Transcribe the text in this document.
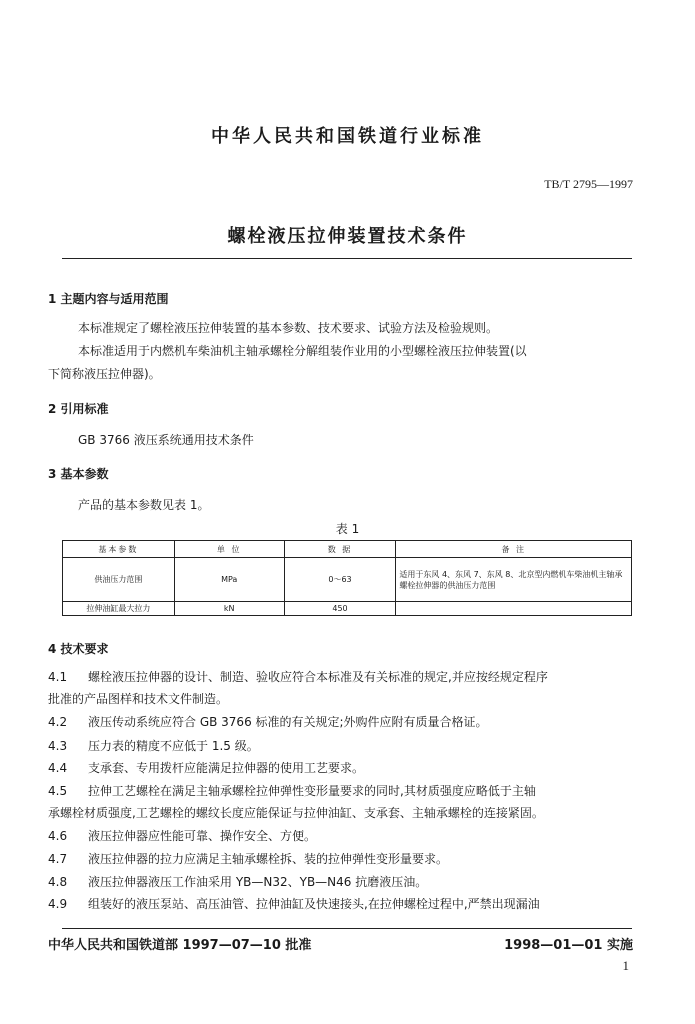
中华人民共和国铁道行业标准
TB/T 2795—1997
螺栓液压拉伸装置技术条件
1 主题内容与适用范围
本标准规定了螺栓液压拉伸装置的基本参数、技术要求、试验方法及检验规则。
本标准适用于内燃机车柴油机主轴承螺栓分解组装作业用的小型螺栓液压拉伸装置(以
下简称液压拉伸器)。
2 引用标准
GB 3766 液压系统通用技术条件
3 基本参数
产品的基本参数见表 1。
表 1
基本参数	单 位	数 据	备 注
供油压力范围	MPa	0～63	适用于东风 4、东风 7、东风 8、北京型内燃机车柴油机主轴承螺栓拉伸器的供油压力范围
拉伸油缸最大拉力	kN	450	
4 技术要求
4.1 螺栓液压拉伸器的设计、制造、验收应符合本标准及有关标准的规定,并应按经规定程序
批准的产品图样和技术文件制造。
4.2 液压传动系统应符合 GB 3766 标准的有关规定;外购件应附有质量合格证。
4.3 压力表的精度不应低于 1.5 级。
4.4 支承套、专用拨杆应能满足拉伸器的使用工艺要求。
4.5 拉伸工艺螺栓在满足主轴承螺栓拉伸弹性变形量要求的同时,其材质强度应略低于主轴
承螺栓材质强度,工艺螺栓的螺纹长度应能保证与拉伸油缸、支承套、主轴承螺栓的连接紧固。
4.6 液压拉伸器应性能可靠、操作安全、方便。
4.7 液压拉伸器的拉力应满足主轴承螺栓拆、装的拉伸弹性变形量要求。
4.8 液压拉伸器液压工作油采用 YB—N32、YB—N46 抗磨液压油。
4.9 组装好的液压泵站、高压油管、拉伸油缸及快速接头,在拉伸螺栓过程中,严禁出现漏油
中华人民共和国铁道部 1997—07—10 批准	1998—01—01 实施
1
